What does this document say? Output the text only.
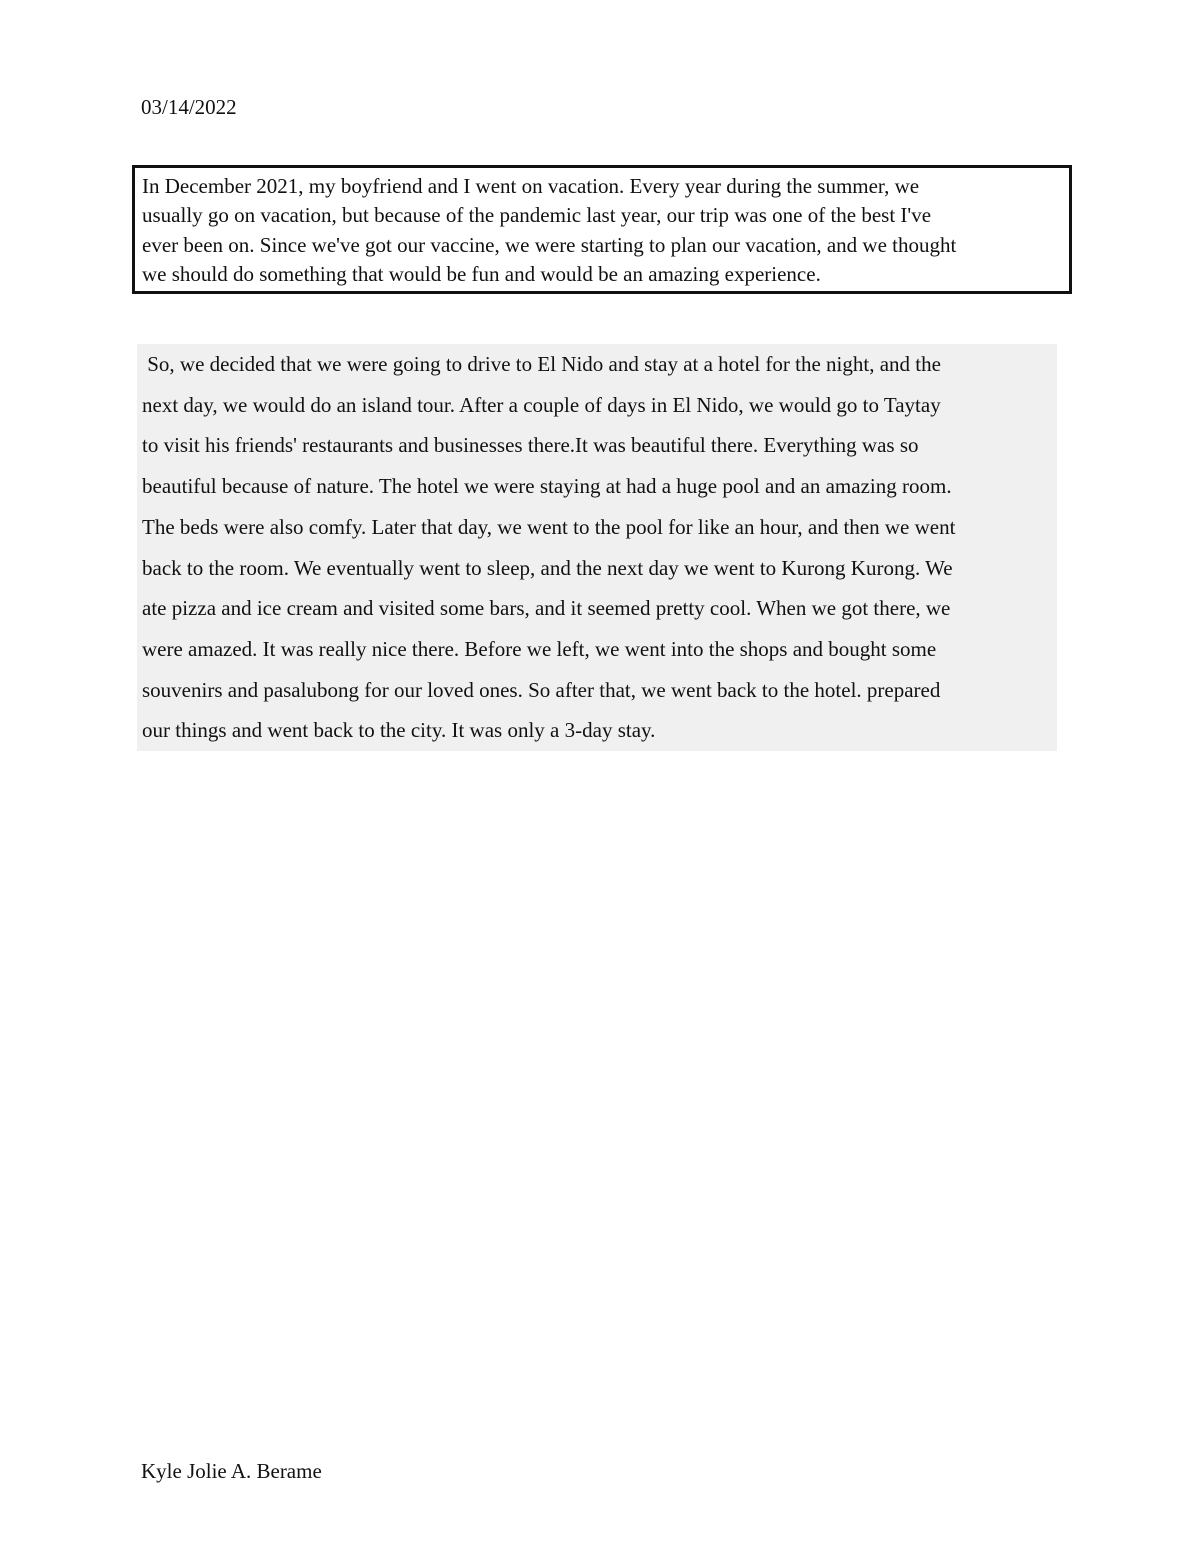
03/14/2022
In December 2021, my boyfriend and I went on vacation. Every year during the summer, we
usually go on vacation, but because of the pandemic last year, our trip was one of the best I've
ever been on. Since we've got our vaccine, we were starting to plan our vacation, and we thought
we should do something that would be fun and would be an amazing experience.
So, we decided that we were going to drive to El Nido and stay at a hotel for the night, and the
next day, we would do an island tour. After a couple of days in El Nido, we would go to Taytay
to visit his friends' restaurants and businesses there.It was beautiful there. Everything was so
beautiful because of nature. The hotel we were staying at had a huge pool and an amazing room.
The beds were also comfy. Later that day, we went to the pool for like an hour, and then we went
back to the room. We eventually went to sleep, and the next day we went to Kurong Kurong. We
ate pizza and ice cream and visited some bars, and it seemed pretty cool. When we got there, we
were amazed. It was really nice there. Before we left, we went into the shops and bought some
souvenirs and pasalubong for our loved ones. So after that, we went back to the hotel. prepared
our things and went back to the city. It was only a 3-day stay.
Kyle Jolie A. Berame
